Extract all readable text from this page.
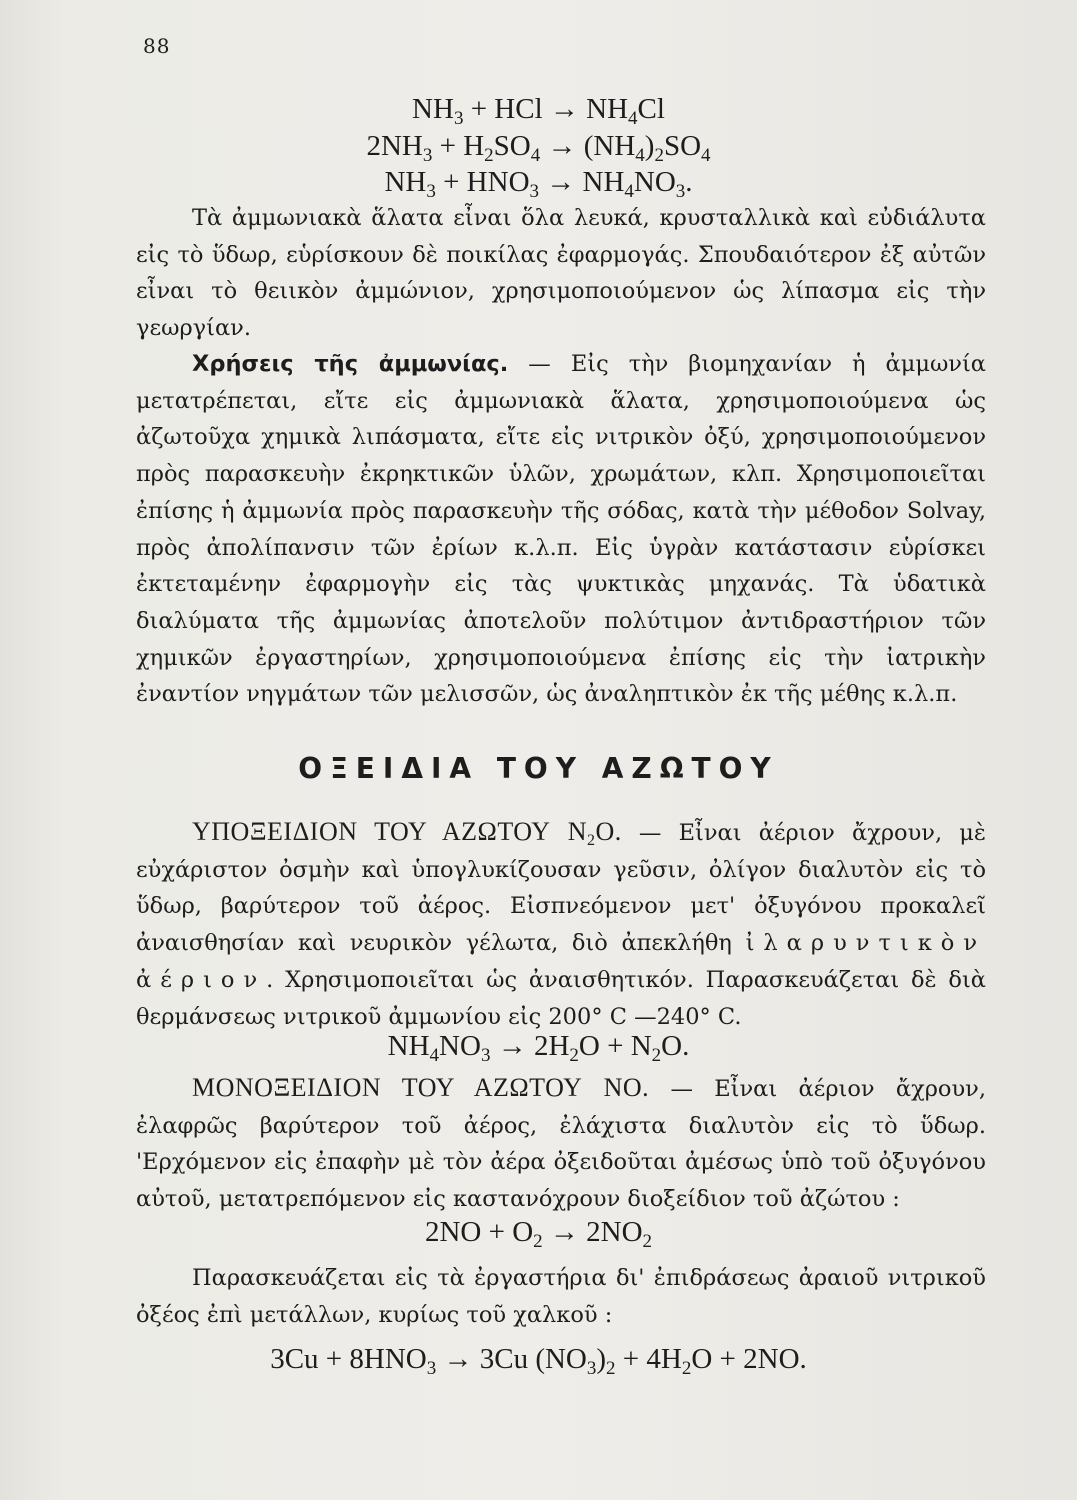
88
$NH_3$ + HCl → $NH_4Cl$
$2NH_3 + H_2SO_4 \to (NH_4)_2SO_4$
$NH_3 + HNO_3 \to NH_4NO_3$.

Τὰ ἀμμωνιακὰ ἅλατα εἶναι ὅλα λευκά, κρυσταλλικὰ καὶ εὐδιάλυτα εἰς τὸ ὕδωρ, εὑρίσκουν δὲ ποικίλας ἐφαρμογάς. Σπουδαιότερον ἐξ αὐτῶν εἶναι τὸ θειικὸν ἀμμώνιον, χρησιμοποιούμενον ὡς λίπασμα εἰς τὴν γεωργίαν.

Χρήσεις τῆς ἀμμωνίας. — Εἰς τὴν βιομηχανίαν ἡ ἀμμωνία μετατρέπεται, εἴτε εἰς ἀμμωνιακὰ ἅλατα, χρησιμοποιούμενα ὡς ἀζωτοῦχα χημικὰ λιπάσματα, εἴτε εἰς νιτρικὸν ὀξύ, χρησιμοποιούμενον πρὸς παρασκευὴν ἐκρηκτικῶν ὑλῶν, χρωμάτων, κλπ. Χρησιμοποιεῖται ἐπίσης ἡ ἀμμωνία πρὸς παρασκευὴν τῆς σόδας, κατὰ τὴν μέθοδον Solvay, πρὸς ἀπολίπανσιν τῶν ἐρίων κ.λ.π. Εἰς ὑγρὰν κατάστασιν εὑρίσκει ἐκτεταμένην ἐφαρμογὴν εἰς τὰς ψυκτικὰς μηχανάς. Τὰ ὑδατικὰ διαλύματα τῆς ἀμμωνίας ἀποτελοῦν πολύτιμον ἀντιδραστήριον τῶν χημικῶν ἐργαστηρίων, χρησιμοποιούμενα ἐπίσης εἰς τὴν ἰατρικὴν ἐναντίον νηγμάτων τῶν μελισσῶν, ὡς ἀναληπτικὸν ἐκ τῆς μέθης κ.λ.π.

ΟΞΕΙΔΙΑ ΤΟΥ ΑΖΩΤΟΥ

ΥΠΟΞΕΙΔΙΟΝ ΤΟΥ ΑΖΩΤΟΥ $N_2O$. — Εἶναι ἀέριον ἄχρουν, μὲ εὐχάριστον ὀσμὴν καὶ ὑπογλυκίζουσαν γεῦσιν, ὀλίγον διαλυτὸν εἰς τὸ ὕδωρ, βαρύτερον τοῦ ἀέρος. Εἰσπνεόμενον μετ' ὀξυγόνου προκαλεῖ ἀναισθησίαν καὶ νευρικὸν γέλωτα, διὸ ἀπεκλήθη ἰλαρυντικὸν ἀέριον. Χρησιμοποιεῖται ὡς ἀναισθητικόν. Παρασκευάζεται δὲ διὰ θερμάνσεως νιτρικοῦ ἀμμωνίου εἰς 200° C —240° C.

$NH_4NO_3 \to 2H_2O + N_2O$.

ΜΟΝΟΞΕΙΔΙΟΝ ΤΟΥ ΑΖΩΤΟΥ NO. — Εἶναι ἀέριον ἄχρουν, ἐλαφρῶς βαρύτερον τοῦ ἀέρος, ἐλάχιστα διαλυτὸν εἰς τὸ ὕδωρ. 'Ερχόμενον εἰς ἐπαφὴν μὲ τὸν ἀέρα ὀξειδοῦται ἀμέσως ὑπὸ τοῦ ὀξυγόνου αὐτοῦ, μετατρεπόμενον εἰς καστανόχρουν διοξείδιον τοῦ ἀζώτου :

$2NO + O_2 \to 2NO_2$

Παρασκευάζεται εἰς τὰ ἐργαστήρια δι' ἐπιδράσεως ἀραιοῦ νιτρικοῦ ὀξέος ἐπὶ μετάλλων, κυρίως τοῦ χαλκοῦ :

$3Cu + 8HNO_3 \to 3Cu$ $(NO_3)_2 + 4H_2O + 2NO$.
